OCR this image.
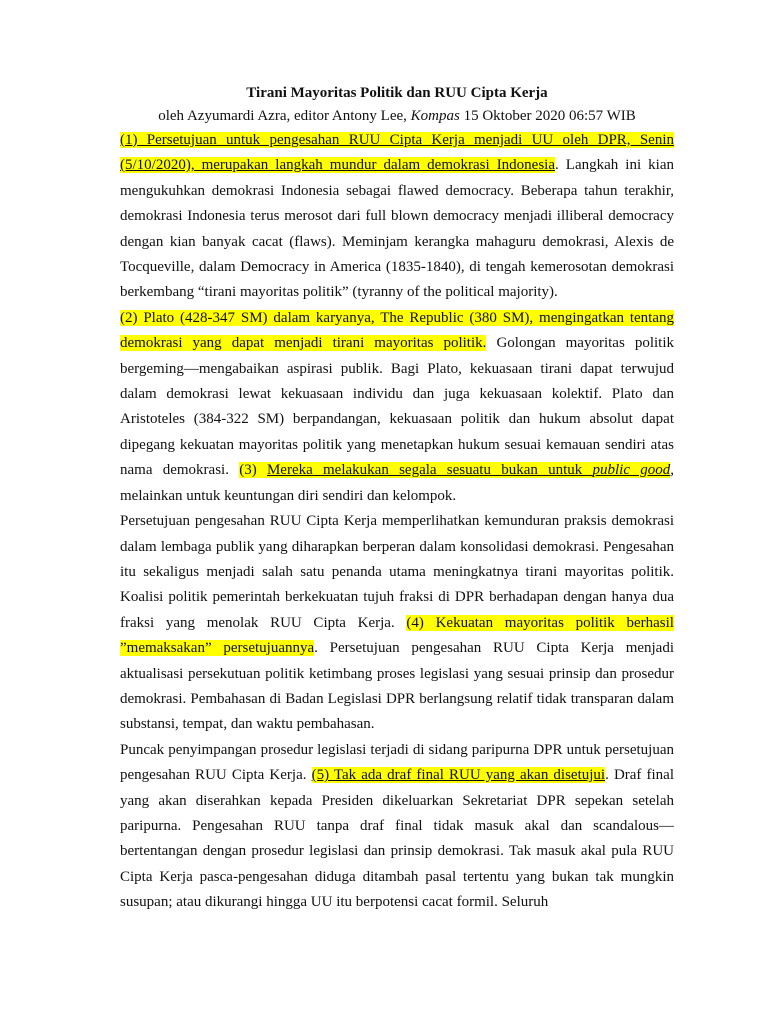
Tirani Mayoritas Politik dan RUU Cipta Kerja

oleh Azyumardi Azra, editor Antony Lee, Kompas 15 Oktober 2020 06:57 WIB

(1) Persetujuan untuk pengesahan RUU Cipta Kerja menjadi UU oleh DPR, Senin (5/10/2020), merupakan langkah mundur dalam demokrasi Indonesia. Langkah ini kian mengukuhkan demokrasi Indonesia sebagai flawed democracy. Beberapa tahun terakhir, demokrasi Indonesia terus merosot dari full blown democracy menjadi illiberal democracy dengan kian banyak cacat (flaws). Meminjam kerangka mahaguru demokrasi, Alexis de Tocqueville, dalam Democracy in America (1835-1840), di tengah kemerosotan demokrasi berkembang “tirani mayoritas politik” (tyranny of the political majority).

(2) Plato (428-347 SM) dalam karyanya, The Republic (380 SM), mengingatkan tentang demokrasi yang dapat menjadi tirani mayoritas politik. Golongan mayoritas politik bergeming—mengabaikan aspirasi publik. Bagi Plato, kekuasaan tirani dapat terwujud dalam demokrasi lewat kekuasaan individu dan juga kekuasaan kolektif. Plato dan Aristoteles (384-322 SM) berpandangan, kekuasaan politik dan hukum absolut dapat dipegang kekuatan mayoritas politik yang menetapkan hukum sesuai kemauan sendiri atas nama demokrasi. (3) Mereka melakukan segala sesuatu bukan untuk public good, melainkan untuk keuntungan diri sendiri dan kelompok.

Persetujuan pengesahan RUU Cipta Kerja memperlihatkan kemunduran praksis demokrasi dalam lembaga publik yang diharapkan berperan dalam konsolidasi demokrasi. Pengesahan itu sekaligus menjadi salah satu penanda utama meningkatnya tirani mayoritas politik. Koalisi politik pemerintah berkekuatan tujuh fraksi di DPR berhadapan dengan hanya dua fraksi yang menolak RUU Cipta Kerja. (4) Kekuatan mayoritas politik berhasil ”memaksakan” persetujuannya. Persetujuan pengesahan RUU Cipta Kerja menjadi aktualisasi persekutuan politik ketimbang proses legislasi yang sesuai prinsip dan prosedur demokrasi. Pembahasan di Badan Legislasi DPR berlangsung relatif tidak transparan dalam substansi, tempat, dan waktu pembahasan.

Puncak penyimpangan prosedur legislasi terjadi di sidang paripurna DPR untuk persetujuan pengesahan RUU Cipta Kerja. (5) Tak ada draf final RUU yang akan disetujui. Draf final yang akan diserahkan kepada Presiden dikeluarkan Sekretariat DPR sepekan setelah paripurna. Pengesahan RUU tanpa draf final tidak masuk akal dan scandalous—bertentangan dengan prosedur legislasi dan prinsip demokrasi. Tak masuk akal pula RUU Cipta Kerja pasca-pengesahan diduga ditambah pasal tertentu yang bukan tak mungkin susupan; atau dikurangi hingga UU itu berpotensi cacat formil. Seluruh
